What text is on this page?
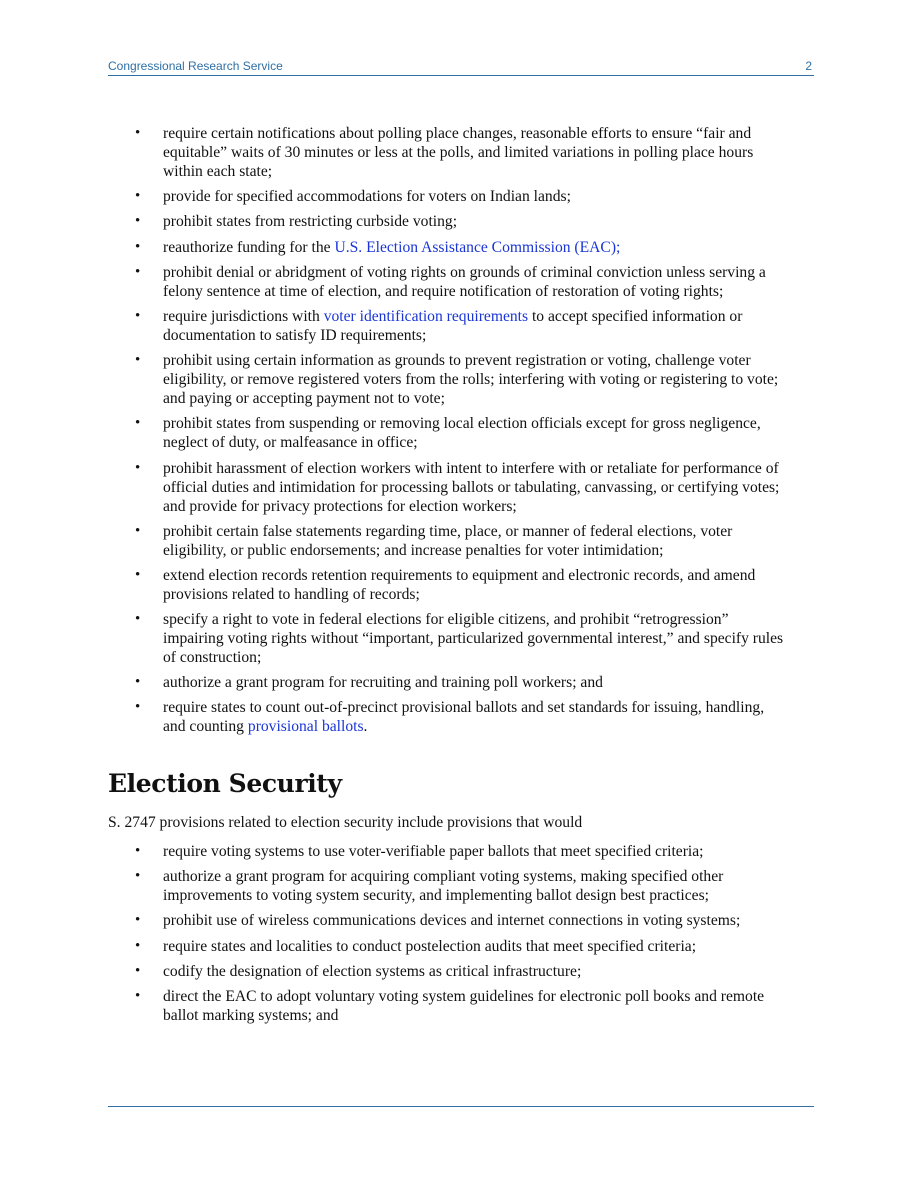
Congressional Research Service	2
• require certain notifications about polling place changes, reasonable efforts to ensure “fair and equitable” waits of 30 minutes or less at the polls, and limited variations in polling place hours within each state;
• provide for specified accommodations for voters on Indian lands;
• prohibit states from restricting curbside voting;
• reauthorize funding for the U.S. Election Assistance Commission (EAC);
• prohibit denial or abridgment of voting rights on grounds of criminal conviction unless serving a felony sentence at time of election, and require notification of restoration of voting rights;
• require jurisdictions with voter identification requirements to accept specified information or documentation to satisfy ID requirements;
• prohibit using certain information as grounds to prevent registration or voting, challenge voter eligibility, or remove registered voters from the rolls; interfering with voting or registering to vote; and paying or accepting payment not to vote;
• prohibit states from suspending or removing local election officials except for gross negligence, neglect of duty, or malfeasance in office;
• prohibit harassment of election workers with intent to interfere with or retaliate for performance of official duties and intimidation for processing ballots or tabulating, canvassing, or certifying votes; and provide for privacy protections for election workers;
• prohibit certain false statements regarding time, place, or manner of federal elections, voter eligibility, or public endorsements; and increase penalties for voter intimidation;
• extend election records retention requirements to equipment and electronic records, and amend provisions related to handling of records;
• specify a right to vote in federal elections for eligible citizens, and prohibit “retrogression” impairing voting rights without “important, particularized governmental interest,” and specify rules of construction;
• authorize a grant program for recruiting and training poll workers; and
• require states to count out-of-precinct provisional ballots and set standards for issuing, handling, and counting provisional ballots.
Election Security

S. 2747 provisions related to election security include provisions that would

• require voting systems to use voter-verifiable paper ballots that meet specified criteria;
• authorize a grant program for acquiring compliant voting systems, making specified other improvements to voting system security, and implementing ballot design best practices;
• prohibit use of wireless communications devices and internet connections in voting systems;
• require states and localities to conduct postelection audits that meet specified criteria;
• codify the designation of election systems as critical infrastructure;
• direct the EAC to adopt voluntary voting system guidelines for electronic poll books and remote ballot marking systems; and
